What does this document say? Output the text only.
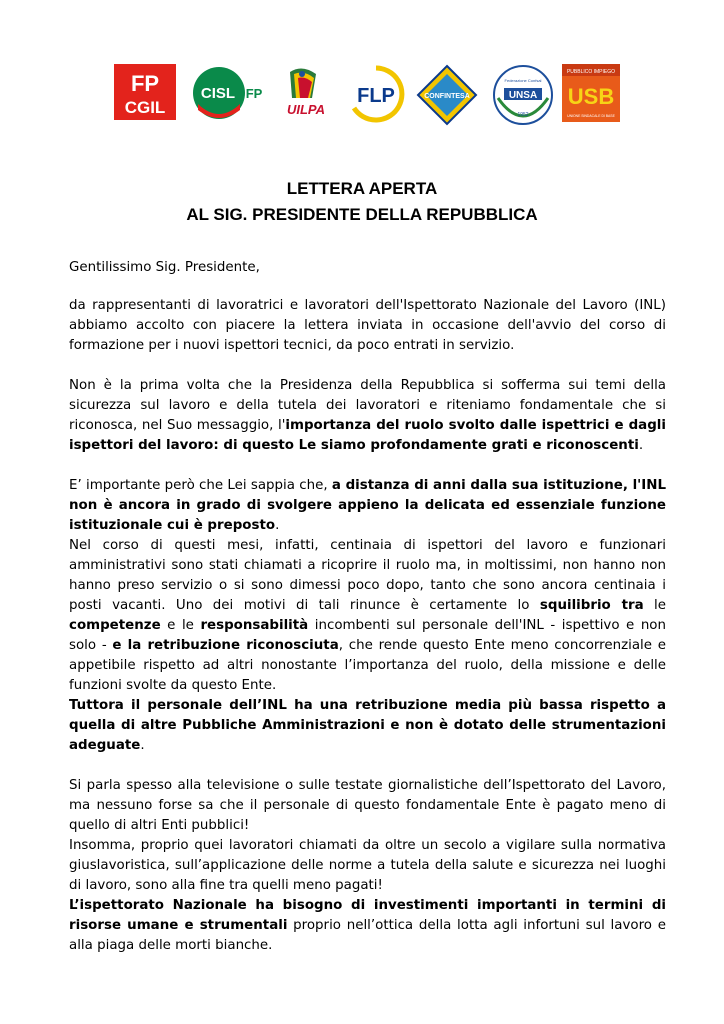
FP
CGIL
CISL FP
UILPA
FLP	CONFINTESA
Federazione Confsal
UNSA
1952
PUBBLICO IMPIEGO
USB
UNIONE SINDACALE DI BASE
LETTERA APERTA
AL SIG. PRESIDENTE DELLA REPUBBLICA

Gentilissimo Sig. Presidente,

da rappresentanti di lavoratrici e lavoratori dell'Ispettorato Nazionale del Lavoro (INL) abbiamo accolto con piacere la lettera inviata in occasione dell'avvio del corso di formazione per i nuovi ispettori tecnici, da poco entrati in servizio.

Non è la prima volta che la Presidenza della Repubblica si sofferma sui temi della sicurezza sul lavoro e della tutela dei lavoratori e riteniamo fondamentale che si riconosca, nel Suo messaggio, l'importanza del ruolo svolto dalle ispettrici e dagli ispettori del lavoro: di questo Le siamo profondamente grati e riconoscenti.

E’ importante però che Lei sappia che, a distanza di anni dalla sua istituzione, l'INL non è ancora in grado di svolgere appieno la delicata ed essenziale funzione istituzionale cui è preposto.

Nel corso di questi mesi, infatti, centinaia di ispettori del lavoro e funzionari amministrativi sono stati chiamati a ricoprire il ruolo ma, in moltissimi, non hanno non hanno preso servizio o si sono dimessi poco dopo, tanto che sono ancora centinaia i posti vacanti. Uno dei motivi di tali rinunce è certamente lo squilibrio tra le competenze e le responsabilità incombenti sul personale dell'INL - ispettivo e non solo - e la retribuzione riconosciuta, che rende questo Ente meno concorrenziale e appetibile rispetto ad altri nonostante l’importanza del ruolo, della missione e delle funzioni svolte da questo Ente.

Tuttora il personale dell’INL ha una retribuzione media più bassa rispetto a quella di altre Pubbliche Amministrazioni e non è dotato delle strumentazioni adeguate.

Si parla spesso alla televisione o sulle testate giornalistiche dell’Ispettorato del Lavoro, ma nessuno forse sa che il personale di questo fondamentale Ente è pagato meno di quello di altri Enti pubblici!

Insomma, proprio quei lavoratori chiamati da oltre un secolo a vigilare sulla normativa giuslavoristica, sull’applicazione delle norme a tutela della salute e sicurezza nei luoghi di lavoro, sono alla fine tra quelli meno pagati!

L’ispettorato Nazionale ha bisogno di investimenti importanti in termini di risorse umane e strumentali proprio nell’ottica della lotta agli infortuni sul lavoro e alla piaga delle morti bianche.
